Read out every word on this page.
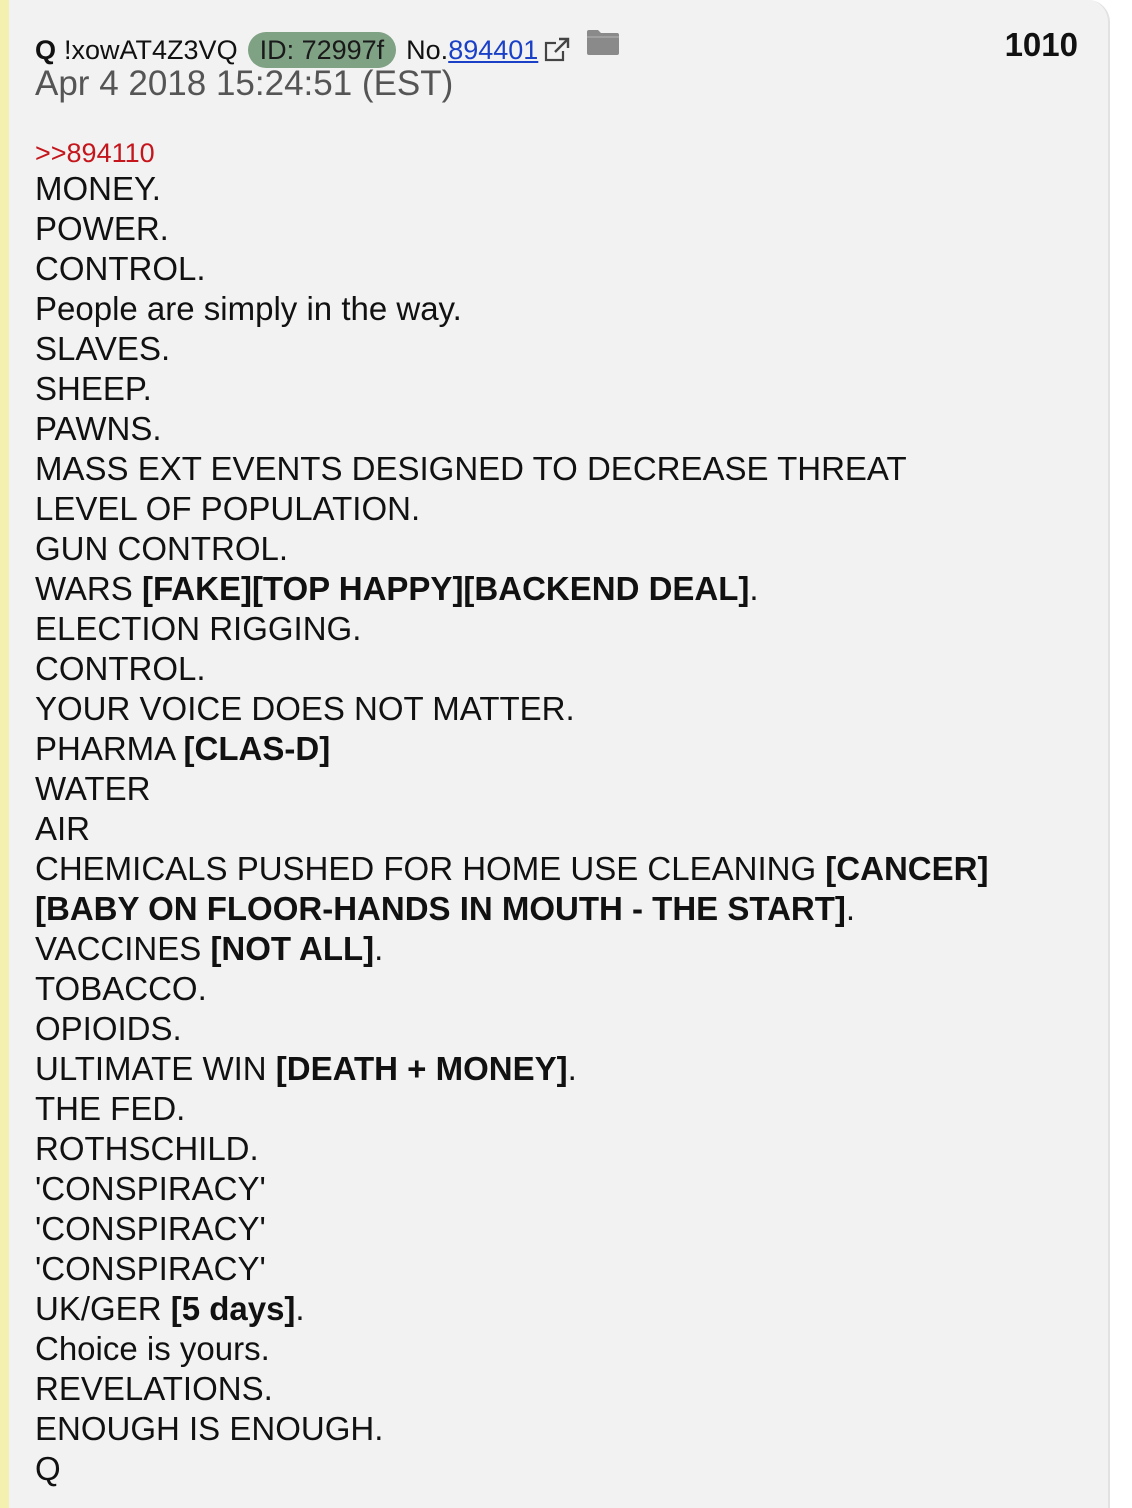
Q !xowAT4Z3VQ ID: 72997f No. 894401	1010
Apr 4 2018 15:24:51 (EST)
>>894110
MONEY.
POWER.
CONTROL.
People are simply in the way.
SLAVES.
SHEEP.
PAWNS.
MASS EXT EVENTS DESIGNED TO DECREASE THREAT
LEVEL OF POPULATION.
GUN CONTROL.
WARS [FAKE][TOP HAPPY][BACKEND DEAL].
ELECTION RIGGING.
CONTROL.
YOUR VOICE DOES NOT MATTER.
PHARMA [CLAS-D]
WATER
AIR
CHEMICALS PUSHED FOR HOME USE CLEANING [CANCER]
[BABY ON FLOOR-HANDS IN MOUTH - THE START].
VACCINES [NOT ALL].
TOBACCO.
OPIOIDS.
ULTIMATE WIN [DEATH + MONEY].
THE FED.
ROTHSCHILD.
'CONSPIRACY'
'CONSPIRACY'
'CONSPIRACY'
UK/GER [5 days].
Choice is yours.
REVELATIONS.
ENOUGH IS ENOUGH.
Q
